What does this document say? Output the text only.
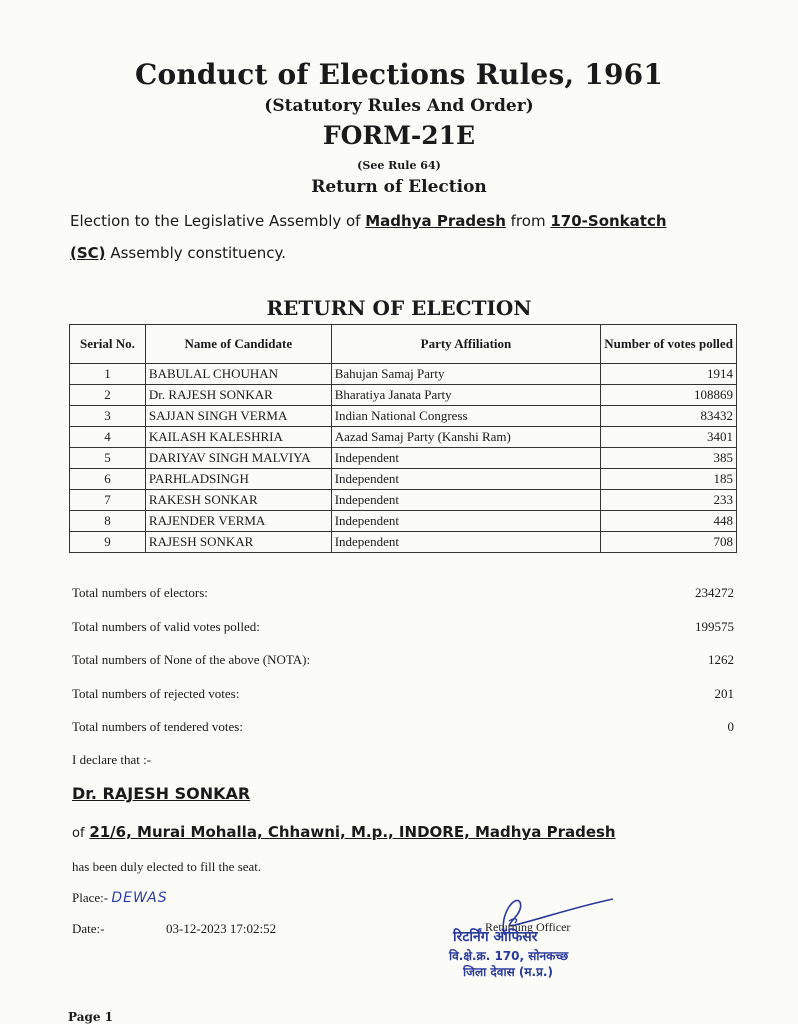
Conduct of Elections Rules, 1961
(Statutory Rules And Order)
FORM-21E
(See Rule 64)
Return of Election
Election to the Legislative Assembly of Madhya Pradesh from 170-Sonkatch
(SC) Assembly constituency.
RETURN OF ELECTION
Serial No.	Name of Candidate	Party Affiliation	Number of votes polled
1	BABULAL CHOUHAN	Bahujan Samaj Party	1914
2	Dr. RAJESH SONKAR	Bharatiya Janata Party	108869
3	SAJJAN SINGH VERMA	Indian National Congress	83432
4	KAILASH KALESHRIA	Aazad Samaj Party (Kanshi Ram)	3401
5	DARIYAV SINGH MALVIYA	Independent	385
6	PARHLADSINGH	Independent	185
7	RAKESH SONKAR	Independent	233
8	RAJENDER VERMA	Independent	448
9	RAJESH SONKAR	Independent	708
Total numbers of electors:	234272
Total numbers of valid votes polled:	199575
Total numbers of None of the above (NOTA):	1262
Total numbers of rejected votes:	201
Total numbers of tendered votes:	0
I declare that :-
Dr. RAJESH SONKAR
of 21/6, Murai Mohalla, Chhawni, M.p., INDORE, Madhya Pradesh
has been duly elected to fill the seat.
Place:- DEWAS
Date:-	03-12-2023 17:02:52	Returning Officer
रिटर्निंग ऑफिसर
वि.क्षे.क्र. 170, सोनकच्छ
जिला देवास (म.प्र.)
Page 1
